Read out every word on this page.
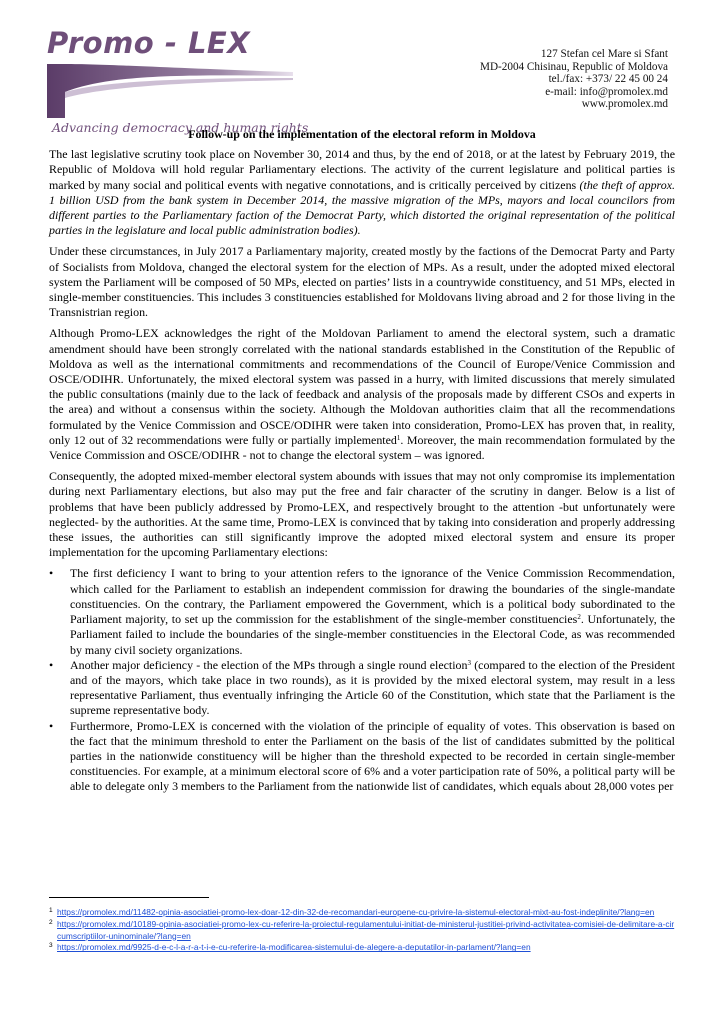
Promo - LEX
Advancing democracy and human rights
127 Stefan cel Mare si Sfant
MD-2004 Chisinau, Republic of Moldova
tel./fax: +373/ 22 45 00 24
e-mail: info@promolex.md
www.promolex.md
Follow-up on the implementation of the electoral reform in Moldova

The last legislative scrutiny took place on November 30, 2014 and thus, by the end of 2018, or at the latest by February 2019, the Republic of Moldova will hold regular Parliamentary elections. The activity of the current legislature and political parties is marked by many social and political events with negative connotations, and is critically perceived by citizens (the theft of approx. 1 billion USD from the bank system in December 2014, the massive migration of the MPs, mayors and local councilors from different parties to the Parliamentary faction of the Democrat Party, which distorted the original representation of the political parties in the legislature and local public administration bodies).

Under these circumstances, in July 2017 a Parliamentary majority, created mostly by the factions of the Democrat Party and Party of Socialists from Moldova, changed the electoral system for the election of MPs. As a result, under the adopted mixed electoral system the Parliament will be composed of 50 MPs, elected on parties’ lists in a countrywide constituency, and 51 MPs, elected in single-member constituencies. This includes 3 constituencies established for Moldovans living abroad and 2 for those living in the Transnistrian region.

Although Promo-LEX acknowledges the right of the Moldovan Parliament to amend the electoral system, such a dramatic amendment should have been strongly correlated with the national standards established in the Constitution of the Republic of Moldova as well as the international commitments and recommendations of the Council of Europe/Venice Commission and OSCE/ODIHR. Unfortunately, the mixed electoral system was passed in a hurry, with limited discussions that merely simulated the public consultations (mainly due to the lack of feedback and analysis of the proposals made by different CSOs and experts in the area) and without a consensus within the society. Although the Moldovan authorities claim that all the recommendations formulated by the Venice Commission and OSCE/ODIHR were taken into consideration, Promo-LEX has proven that, in reality, only 12 out of 32 recommendations were fully or partially implemented$^1$. Moreover, the main recommendation formulated by the Venice Commission and OSCE/ODIHR - not to change the electoral system – was ignored.

Consequently, the adopted mixed-member electoral system abounds with issues that may not only compromise its implementation during next Parliamentary elections, but also may put the free and fair character of the scrutiny in danger. Below is a list of problems that have been publicly addressed by Promo-LEX, and respectively brought to the attention -but unfortunately were neglected- by the authorities. At the same time, Promo-LEX is convinced that by taking into consideration and properly addressing these issues, the authorities can still significantly improve the adopted mixed electoral system and ensure its proper implementation for the upcoming Parliamentary elections:

• The first deficiency I want to bring to your attention refers to the ignorance of the Venice Commission Recommendation, which called for the Parliament to establish an independent commission for drawing the boundaries of the single-mandate constituencies. On the contrary, the Parliament empowered the Government, which is a political body subordinated to the Parliament majority, to set up the commission for the establishment of the single-member constituencies$^2$. Unfortunately, the Parliament failed to include the boundaries of the single-member constituencies in the Electoral Code, as was recommended by many civil society organizations.
• Another major deficiency - the election of the MPs through a single round election$^3$ (compared to the election of the President and of the mayors, which take place in two rounds), as it is provided by the mixed electoral system, may result in a less representative Parliament, thus eventually infringing the Article 60 of the Constitution, which state that the Parliament is the supreme representative body.
• Furthermore, Promo-LEX is concerned with the violation of the principle of equality of votes. This observation is based on the fact that the minimum threshold to enter the Parliament on the basis of the list of candidates submitted by the political parties in the nationwide constituency will be higher than the threshold expected to be recorded in certain single-member constituencies. For example, at a minimum electoral score of 6% and a voter participation rate of 50%, a political party will be able to delegate only 3 members to the Parliament from the nationwide list of candidates, which equals about 28,000 votes per
1 https://promolex.md/11482-opinia-asociatiei-promo-lex-doar-12-din-32-de-recomandari-europene-cu-privire-la-sistemul-electoral-mixt-au-fost-indeplinite/?lang=en
2 https://promolex.md/10189-opinia-asociatiei-promo-lex-cu-referire-la-proiectul-regulamentului-initiat-de-ministerul-justitiei-privind-activitatea-comisiei-de-delimitare-a-circumscriptiilor-uninominale/?lang=en
3 https://promolex.md/9925-d-e-c-l-a-r-a-t-i-e-cu-referire-la-modificarea-sistemului-de-alegere-a-deputatilor-in-parlament/?lang=en
